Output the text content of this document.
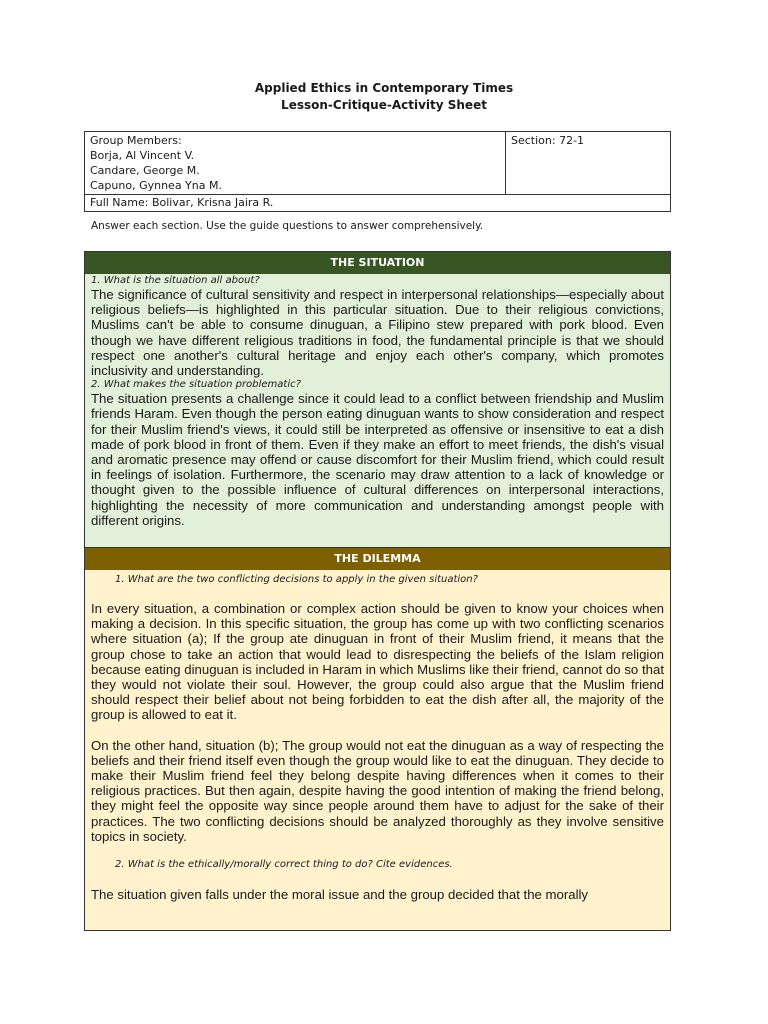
Applied Ethics in Contemporary Times
Lesson-Critique-Activity Sheet
Group Members:
Borja, Al Vincent V.
Candare, George M.
Capuno, Gynnea Yna M.
	Section: 72-1
Full Name: Bolivar, Krisna Jaira R.
Answer each section. Use the guide questions to answer comprehensively.
THE SITUATION
1. What is the situation all about?
The significance of cultural sensitivity and respect in interpersonal relationships—especially about religious beliefs—is highlighted in this particular situation. Due to their religious convictions, Muslims can't be able to consume dinuguan, a Filipino stew prepared with pork blood. Even though we have different religious traditions in food, the fundamental principle is that we should respect one another's cultural heritage and enjoy each other's company, which promotes inclusivity and understanding.
2. What makes the situation problematic?
The situation presents a challenge since it could lead to a conflict between friendship and Muslim friends Haram. Even though the person eating dinuguan wants to show consideration and respect for their Muslim friend's views, it could still be interpreted as offensive or insensitive to eat a dish made of pork blood in front of them. Even if they make an effort to meet friends, the dish's visual and aromatic presence may offend or cause discomfort for their Muslim friend, which could result in feelings of isolation. Furthermore, the scenario may draw attention to a lack of knowledge or thought given to the possible influence of cultural differences on interpersonal interactions, highlighting the necessity of more communication and understanding amongst people with different origins.
THE DILEMMA
1. What are the two conflicting decisions to apply in the given situation?
In every situation, a combination or complex action should be given to know your choices when making a decision. In this specific situation, the group has come up with two conflicting scenarios where situation (a); If the group ate dinuguan in front of their Muslim friend, it means that the group chose to take an action that would lead to disrespecting the beliefs of the Islam religion because eating dinuguan is included in Haram in which Muslims like their friend, cannot do so that they would not violate their soul. However, the group could also argue that the Muslim friend should respect their belief about not being forbidden to eat the dish after all, the majority of the group is allowed to eat it.
On the other hand, situation (b); The group would not eat the dinuguan as a way of respecting the beliefs and their friend itself even though the group would like to eat the dinuguan. They decide to make their Muslim friend feel they belong despite having differences when it comes to their religious practices. But then again, despite having the good intention of making the friend belong, they might feel the opposite way since people around them have to adjust for the sake of their practices. The two conflicting decisions should be analyzed thoroughly as they involve sensitive topics in society.
2. What is the ethically/morally correct thing to do? Cite evidences.
The situation given falls under the moral issue and the group decided that the morally
